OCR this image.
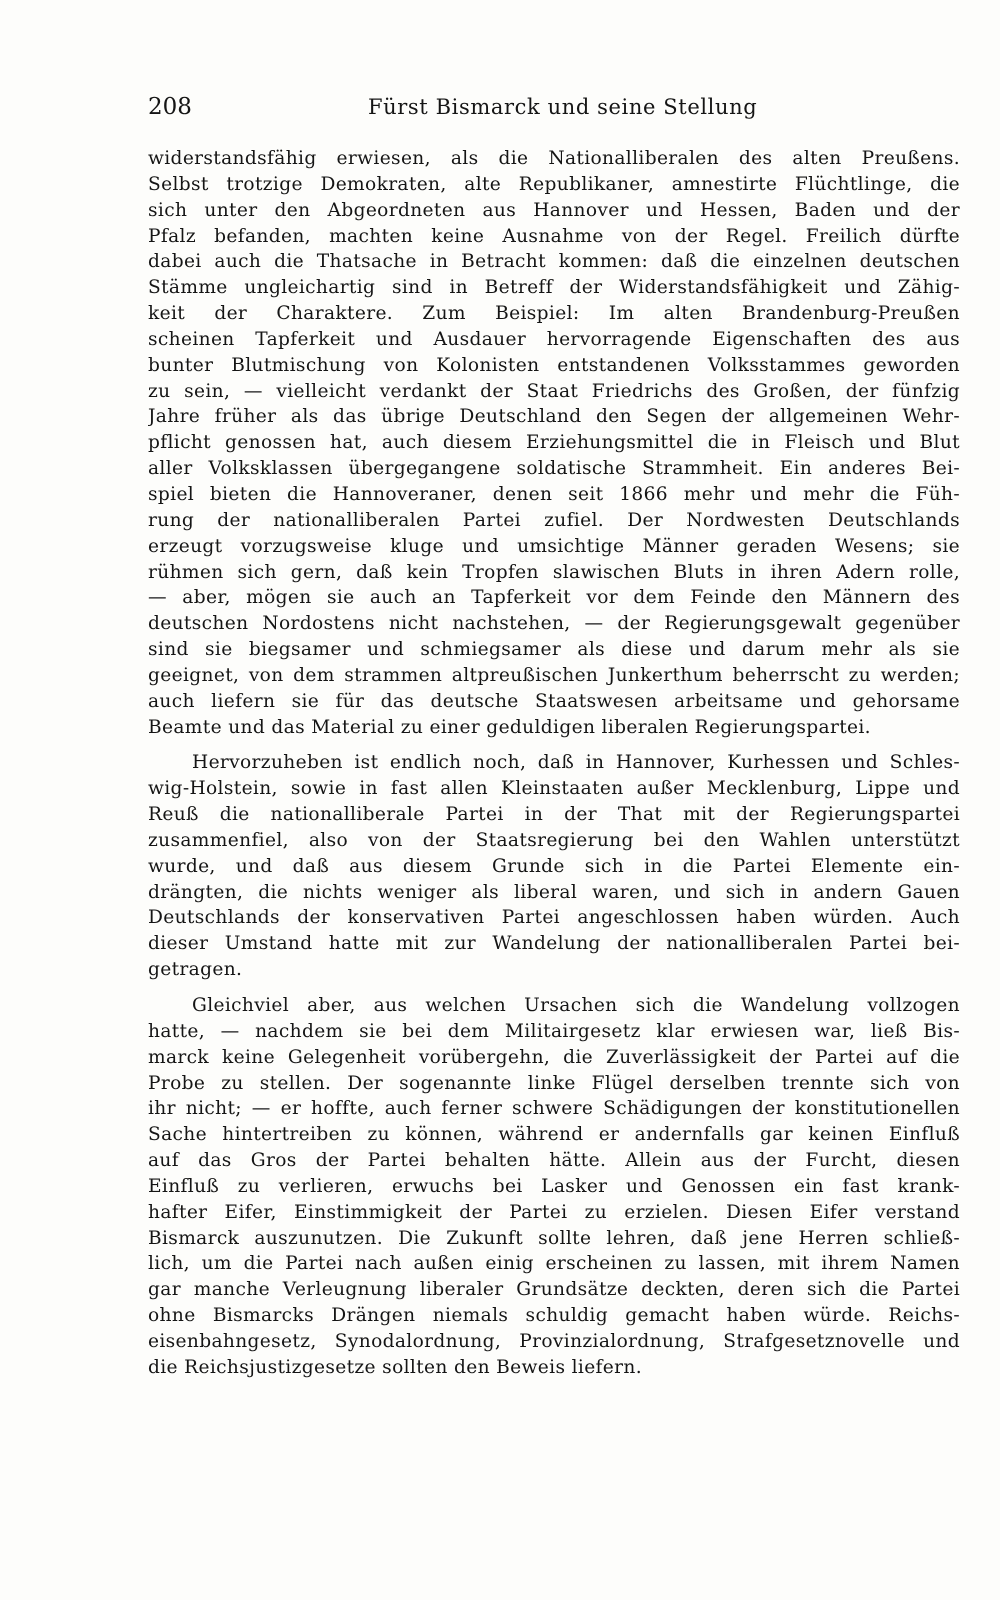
208	Fürst Bismarck und seine Stellung
widerstandsfähig erwiesen, als die Nationalliberalen des alten Preußens.
Selbst trotzige Demokraten, alte Republikaner, amnestirte Flüchtlinge, die
sich unter den Abgeordneten aus Hannover und Hessen, Baden und der
Pfalz befanden, machten keine Ausnahme von der Regel. Freilich dürfte
dabei auch die Thatsache in Betracht kommen: daß die einzelnen deutschen
Stämme ungleichartig sind in Betreff der Widerstandsfähigkeit und Zähig-
keit der Charaktere. Zum Beispiel: Im alten Brandenburg-Preußen
scheinen Tapferkeit und Ausdauer hervorragende Eigenschaften des aus
bunter Blutmischung von Kolonisten entstandenen Volksstammes geworden
zu sein, — vielleicht verdankt der Staat Friedrichs des Großen, der fünfzig
Jahre früher als das übrige Deutschland den Segen der allgemeinen Wehr-
pflicht genossen hat, auch diesem Erziehungsmittel die in Fleisch und Blut
aller Volksklassen übergegangene soldatische Strammheit. Ein anderes Bei-
spiel bieten die Hannoveraner, denen seit 1866 mehr und mehr die Füh-
rung der nationalliberalen Partei zufiel. Der Nordwesten Deutschlands
erzeugt vorzugsweise kluge und umsichtige Männer geraden Wesens; sie
rühmen sich gern, daß kein Tropfen slawischen Bluts in ihren Adern rolle,
— aber, mögen sie auch an Tapferkeit vor dem Feinde den Männern des
deutschen Nordostens nicht nachstehen, — der Regierungsgewalt gegenüber
sind sie biegsamer und schmiegsamer als diese und darum mehr als sie
geeignet, von dem strammen altpreußischen Junkerthum beherrscht zu werden;
auch liefern sie für das deutsche Staatswesen arbeitsame und gehorsame
Beamte und das Material zu einer geduldigen liberalen Regierungspartei.
Hervorzuheben ist endlich noch, daß in Hannover, Kurhessen und Schles-
wig-Holstein, sowie in fast allen Kleinstaaten außer Mecklenburg, Lippe und
Reuß die nationalliberale Partei in der That mit der Regierungspartei
zusammenfiel, also von der Staatsregierung bei den Wahlen unterstützt
wurde, und daß aus diesem Grunde sich in die Partei Elemente ein-
drängten, die nichts weniger als liberal waren, und sich in andern Gauen
Deutschlands der konservativen Partei angeschlossen haben würden. Auch
dieser Umstand hatte mit zur Wandelung der nationalliberalen Partei bei-
getragen.
Gleichviel aber, aus welchen Ursachen sich die Wandelung vollzogen
hatte, — nachdem sie bei dem Militairgesetz klar erwiesen war, ließ Bis-
marck keine Gelegenheit vorübergehn, die Zuverlässigkeit der Partei auf die
Probe zu stellen. Der sogenannte linke Flügel derselben trennte sich von
ihr nicht; — er hoffte, auch ferner schwere Schädigungen der konstitutionellen
Sache hintertreiben zu können, während er andernfalls gar keinen Einfluß
auf das Gros der Partei behalten hätte. Allein aus der Furcht, diesen
Einfluß zu verlieren, erwuchs bei Lasker und Genossen ein fast krank-
hafter Eifer, Einstimmigkeit der Partei zu erzielen. Diesen Eifer verstand
Bismarck auszunutzen. Die Zukunft sollte lehren, daß jene Herren schließ-
lich, um die Partei nach außen einig erscheinen zu lassen, mit ihrem Namen
gar manche Verleugnung liberaler Grundsätze deckten, deren sich die Partei
ohne Bismarcks Drängen niemals schuldig gemacht haben würde. Reichs-
eisenbahngesetz, Synodalordnung, Provinzialordnung, Strafgesetznovelle und
die Reichsjustizgesetze sollten den Beweis liefern.
